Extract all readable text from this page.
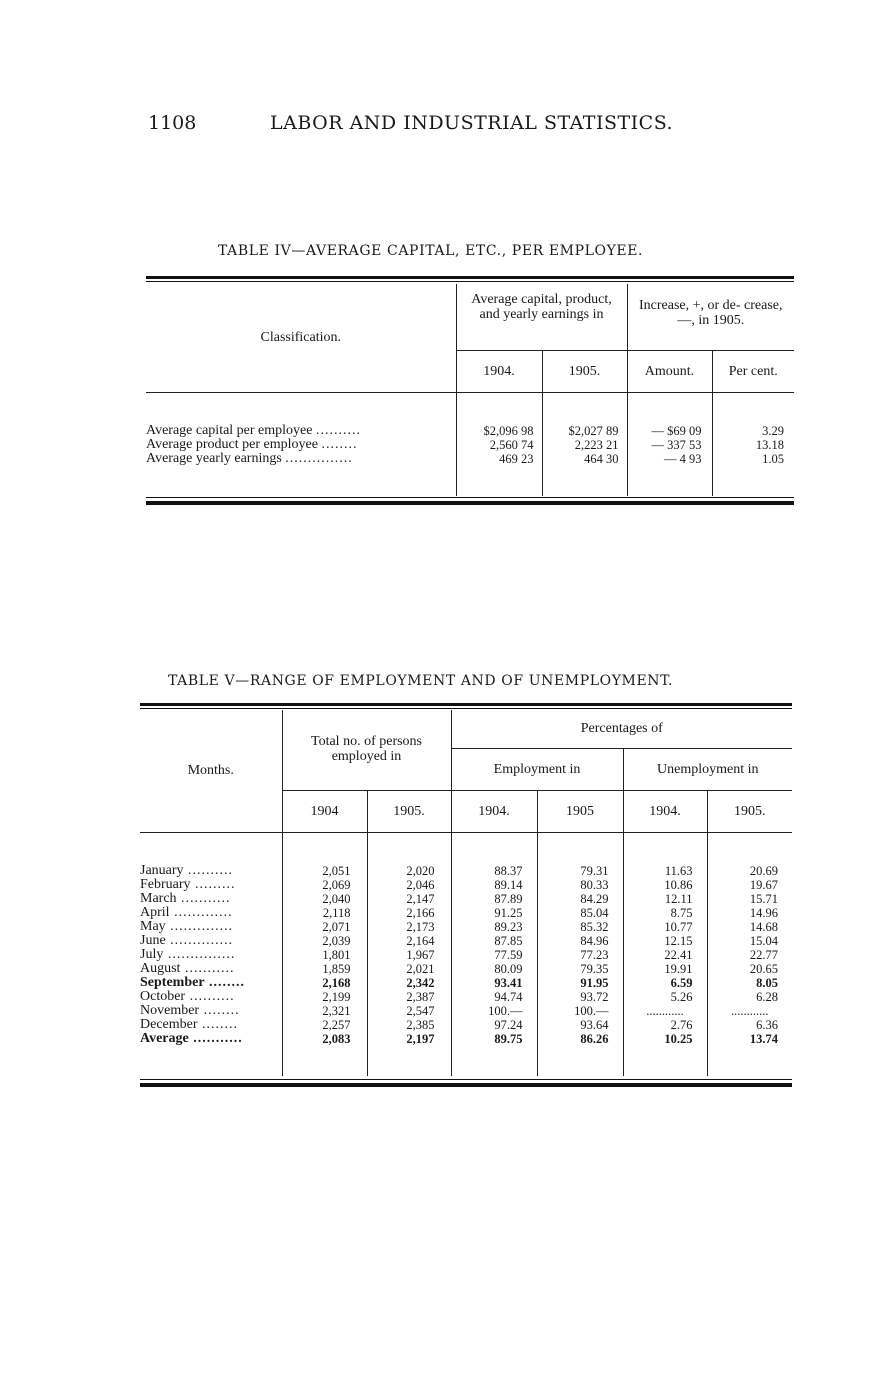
1108	LABOR AND INDUSTRIAL STATISTICS.
TABLE IV—AVERAGE CAPITAL, ETC., PER EMPLOYEE.
Classification.	Average capital, product, and yearly earnings in		Increase, +, or de- crease, —, in 1905.	
	1904.	1905.	Amount.	Per cent.

Average capital per employee ..........	$2,096 98	$2,027 89	— $69 09	3.29
Average product per employee ........	2,560 74	2,223 21	— 337 53	13.18
Average yearly earnings ...............	469 23	464 30	— 4 93	1.05

TABLE V—RANGE OF EMPLOYMENT AND OF UNEMPLOYMENT.
Months.	Total no. of persons employed in		Percentages of			
			Employment in		Unemployment in	
	1904	1905.	1904.	1905	1904.	1905.

January ..........	2,051	2,020	88.37	79.31	11.63	20.69
February .........	2,069	2,046	89.14	80.33	10.86	19.67
March ...........	2,040	2,147	87.89	84.29	12.11	15.71
April .............	2,118	2,166	91.25	85.04	8.75	14.96
May ..............	2,071	2,173	89.23	85.32	10.77	14.68
June ..............	2,039	2,164	87.85	84.96	12.15	15.04
July ...............	1,801	1,967	77.59	77.23	22.41	22.77
August ...........	1,859	2,021	80.09	79.35	19.91	20.65
September ........	2,168	2,342	93.41	91.95	6.59	8.05
October ..........	2,199	2,387	94.74	93.72	5.26	6.28
November ........	2,321	2,547	100.—	100.—	............	............
December ........	2,257	2,385	97.24	93.64	2.76	6.36
Average ...........	2,083	2,197	89.75	86.26	10.25	13.74
